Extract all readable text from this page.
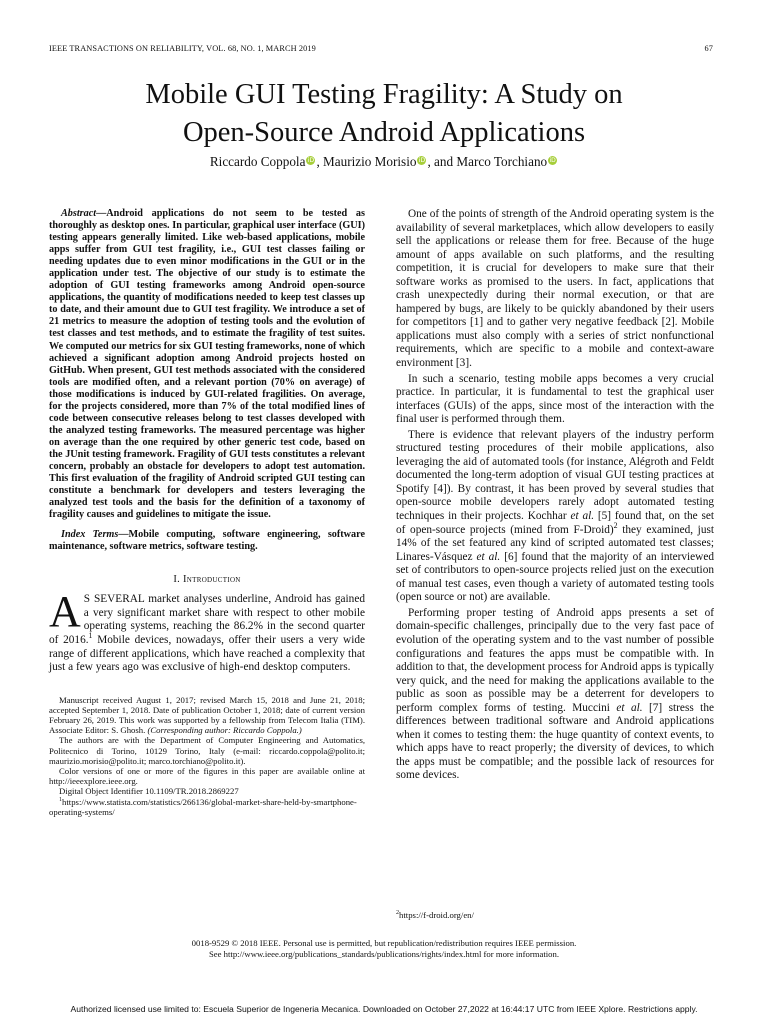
IEEE TRANSACTIONS ON RELIABILITY, VOL. 68, NO. 1, MARCH 2019	67
Mobile GUI Testing Fragility: A Study on
Open-Source Android Applications
Riccardo Coppola iD , Maurizio Morisio iD , and Marco Torchiano iD

Abstract—Android applications do not seem to be tested as thoroughly as desktop ones. In particular, graphical user interface (GUI) testing appears generally limited. Like web-based applications, mobile apps suffer from GUI test fragility, i.e., GUI test classes failing or needing updates due to even minor modifications in the GUI or in the application under test. The objective of our study is to estimate the adoption of GUI testing frameworks among Android open-source applications, the quantity of modifications needed to keep test classes up to date, and their amount due to GUI test fragility. We introduce a set of 21 metrics to measure the adoption of testing tools and the evolution of test classes and test methods, and to estimate the fragility of test suites. We computed our metrics for six GUI testing frameworks, none of which achieved a significant adoption among Android projects hosted on GitHub. When present, GUI test methods associated with the considered tools are modified often, and a relevant portion (70% on average) of those modifications is induced by GUI-related fragilities. On average, for the projects considered, more than 7% of the total modified lines of code between consecutive releases belong to test classes developed with the analyzed testing frameworks. The measured percentage was higher on average than the one required by other generic test code, based on the JUnit testing framework. Fragility of GUI tests constitutes a relevant concern, probably an obstacle for developers to adopt test automation. This first evaluation of the fragility of Android scripted GUI testing can constitute a benchmark for developers and testers leveraging the analyzed test tools and the basis for the definition of a taxonomy of fragility causes and guidelines to mitigate the issue.

Index Terms—Mobile computing, software engineering, software maintenance, software metrics, software testing.

I. Introduction

A S SEVERAL market analyses underline, Android has gained a very significant market share with respect to other mobile operating systems, reaching the 86.2% in the second quarter of 2016.$^1$ Mobile devices, nowadays, offer their users a very wide range of different applications, which have reached a complexity that just a few years ago was exclusive of high-end desktop computers.

Manuscript received August 1, 2017; revised March 15, 2018 and June 21, 2018; accepted September 1, 2018. Date of publication October 1, 2018; date of current version February 26, 2019. This work was supported by a fellowship from Telecom Italia (TIM). Associate Editor: S. Ghosh. (Corresponding author: Riccardo Coppola.)

The authors are with the Department of Computer Engineering and Automatics, Politecnico di Torino, 10129 Torino, Italy (e-mail: riccardo.coppola@polito.it; maurizio.morisio@polito.it; marco.torchiano@polito.it).

Color versions of one or more of the figures in this paper are available online at http://ieeexplore.ieee.org.

Digital Object Identifier 10.1109/TR.2018.2869227

$^1$https://www.statista.com/statistics/266136/global-market-share-held-by-smartphone-operating-systems/

One of the points of strength of the Android operating system is the availability of several marketplaces, which allow developers to easily sell the applications or release them for free. Because of the huge amount of apps available on such platforms, and the resulting competition, it is crucial for developers to make sure that their software works as promised to the users. In fact, applications that crash unexpectedly during their normal execution, or that are hampered by bugs, are likely to be quickly abandoned by their users for competitors [1] and to gather very negative feedback [2]. Mobile applications must also comply with a series of strict nonfunctional requirements, which are specific to a mobile and context-aware environment [3].

In such a scenario, testing mobile apps becomes a very crucial practice. In particular, it is fundamental to test the graphical user interfaces (GUIs) of the apps, since most of the interaction with the final user is performed through them.

There is evidence that relevant players of the industry perform structured testing procedures of their mobile applications, also leveraging the aid of automated tools (for instance, Alégroth and Feldt documented the long-term adoption of visual GUI testing practices at Spotify [4]). By contrast, it has been proved by several studies that open-source mobile developers rarely adopt automated testing techniques in their projects. Kochhar et al. [5] found that, on the set of open-source projects (mined from F-Droid)$^2$ they examined, just 14% of the set featured any kind of scripted automated test classes; Linares-Vásquez et al. [6] found that the majority of an interviewed set of contributors to open-source projects relied just on the execution of manual test cases, even though a variety of automated testing tools (open source or not) are available.

Performing proper testing of Android apps presents a set of domain-specific challenges, principally due to the very fast pace of evolution of the operating system and to the vast number of possible configurations and features the apps must be compatible with. In addition to that, the development process for Android apps is typically very quick, and the need for making the applications available to the public as soon as possible may be a deterrent for developers to perform complex forms of testing. Muccini et al. [7] stress the differences between traditional software and Android applications when it comes to testing them: the huge quantity of context events, to which apps have to react properly; the diversity of devices, to which the apps must be compatible; and the possible lack of resources for some devices.

$^2$https://f-droid.org/en/
0018-9529 © 2018 IEEE. Personal use is permitted, but republication/redistribution requires IEEE permission.
See http://www.ieee.org/publications_standards/publications/rights/index.html for more information.
Authorized licensed use limited to: Escuela Superior de Ingeneria Mecanica. Downloaded on October 27,2022 at 16:44:17 UTC from IEEE Xplore. Restrictions apply.
